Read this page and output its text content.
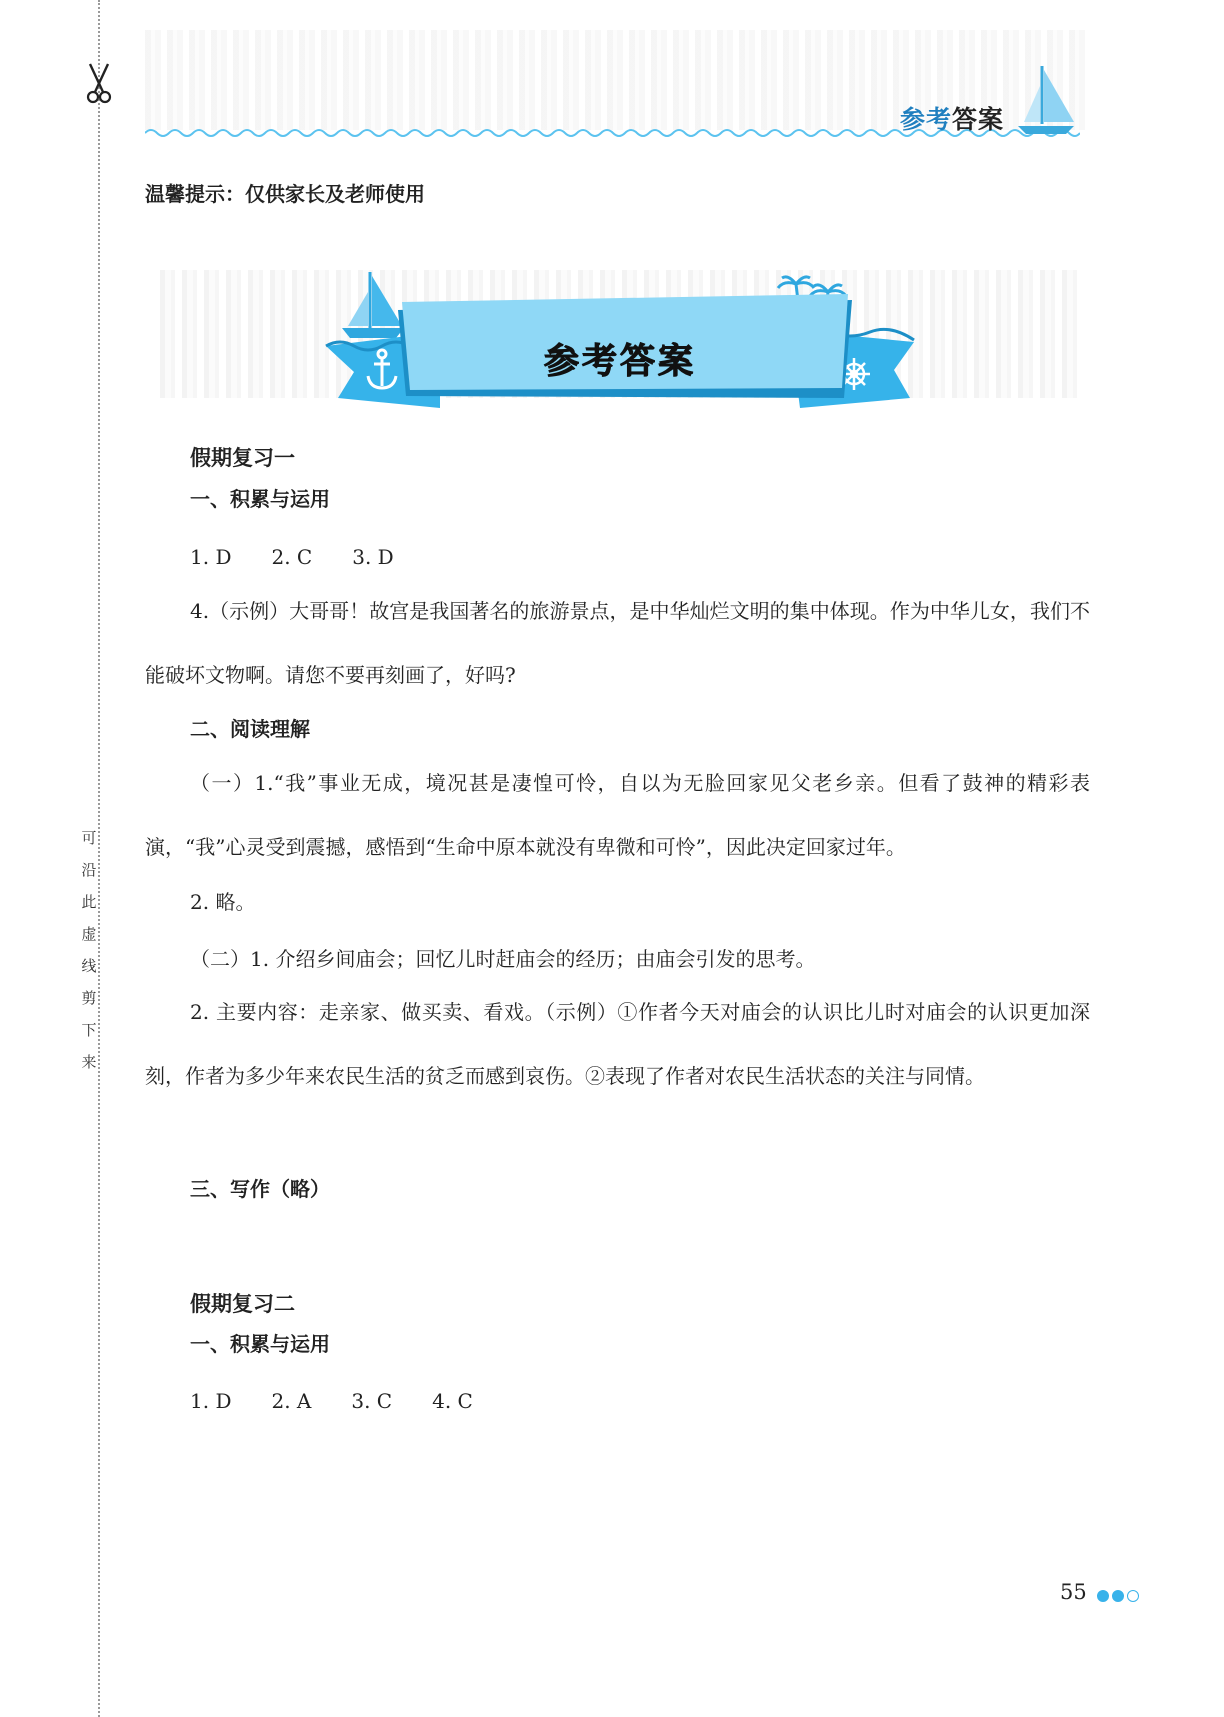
可
沿
此
虚
线
剪
下
来
参考答案
温馨提示：仅供家长及老师使用
参考答案
假期复习一
一、积累与运用
1. D　　2. C　　3. D
4.（示例）大哥哥！故宫是我国著名的旅游景点，是中华灿烂文明的集中体现。作为中华儿女，我们不能破坏文物啊。请您不要再刻画了，好吗?
二、阅读理解
（一）1.“我”事业无成，境况甚是凄惶可怜，自以为无脸回家见父老乡亲。但看了鼓神的精彩表演，“我”心灵受到震撼，感悟到“生命中原本就没有卑微和可怜”，因此决定回家过年。
2. 略。
（二）1. 介绍乡间庙会；回忆儿时赶庙会的经历；由庙会引发的思考。
2. 主要内容：走亲家、做买卖、看戏。（示例）①作者今天对庙会的认识比儿时对庙会的认识更加深刻，作者为多少年来农民生活的贫乏而感到哀伤。②表现了作者对农民生活状态的关注与同情。
三、写作（略）
假期复习二
一、积累与运用
1. D　　2. A　　3. C　　4. C
55
